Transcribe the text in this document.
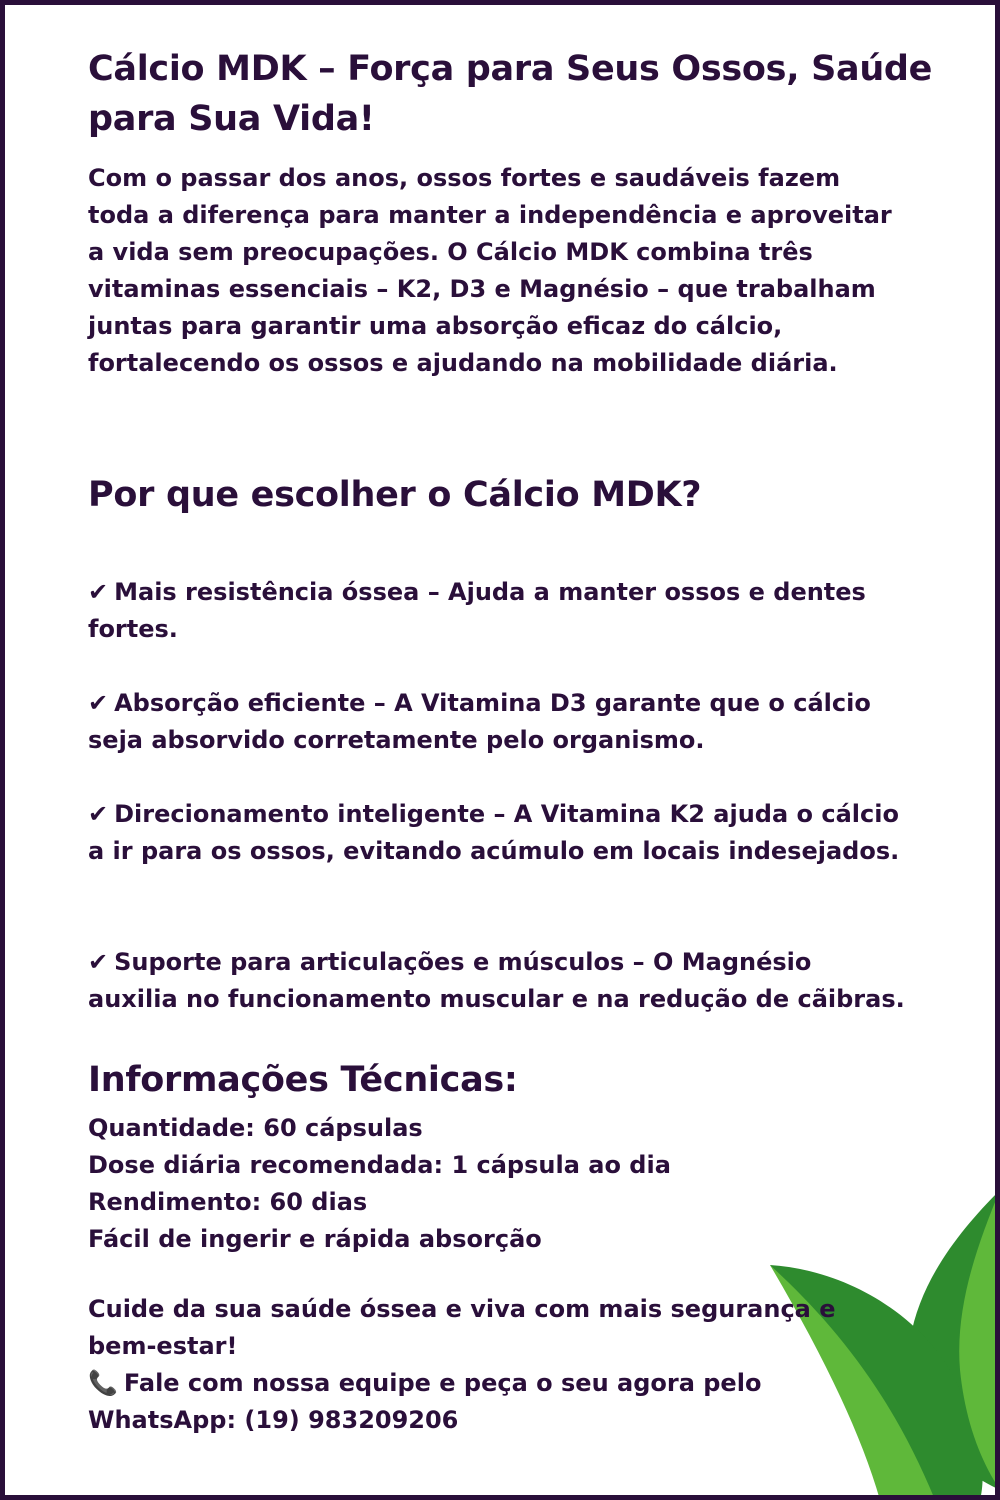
Cálcio MDK – Força para Seus Ossos, Saúde para Sua Vida!

Com o passar dos anos, ossos fortes e saudáveis fazem toda a diferença para manter a independência e aproveitar a vida sem preocupações. O Cálcio MDK combina três vitaminas essenciais – K2, D3 e Magnésio – que trabalham juntas para garantir uma absorção eficaz do cálcio, fortalecendo os ossos e ajudando na mobilidade diária.

Por que escolher o Cálcio MDK?
✔ Mais resistência óssea – Ajuda a manter ossos e dentes fortes.
✔ Absorção eficiente – A Vitamina D3 garante que o cálcio seja absorvido corretamente pelo organismo.
✔ Direcionamento inteligente – A Vitamina K2 ajuda o cálcio a ir para os ossos, evitando acúmulo em locais indesejados.
✔ Suporte para articulações e músculos – O Magnésio auxilia no funcionamento muscular e na redução de cãibras.
Informações Técnicas:
Quantidade: 60 cápsulas
Dose diária recomendada: 1 cápsula ao dia
Rendimento: 60 dias
Fácil de ingerir e rápida absorção

Cuide da sua saúde óssea e viva com mais segurança e bem-estar!

📞 Fale com nossa equipe e peça o seu agora pelo WhatsApp: (19) 983209206
